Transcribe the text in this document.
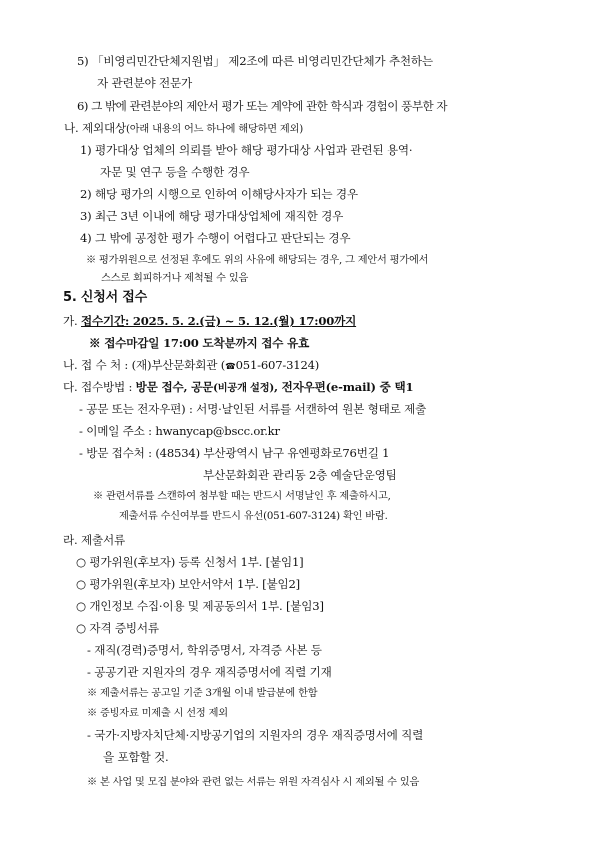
5) 「비영리민간단체지원법」 제2조에 따른 비영리민간단체가 추천하는
자 관련분야 전문가
6) 그 밖에 관련분야의 제안서 평가 또는 계약에 관한 학식과 경험이 풍부한 자
나. 제외대상(아래 내용의 어느 하나에 해당하면 제외)
1) 평가대상 업체의 의뢰를 받아 해당 평가대상 사업과 관련된 용역·
자문 및 연구 등을 수행한 경우
2) 해당 평가의 시행으로 인하여 이해당사자가 되는 경우
3) 최근 3년 이내에 해당 평가대상업체에 재직한 경우
4) 그 밖에 공정한 평가 수행이 어렵다고 판단되는 경우
※ 평가위원으로 선정된 후에도 위의 사유에 해당되는 경우, 그 제안서 평가에서
스스로 회피하거나 제척될 수 있음
5. 신청서 접수
가. 접수기간: 2025. 5. 2.(금) ~ 5. 12.(월) 17:00까지
※ 접수마감일 17:00 도착분까지 접수 유효
나. 접 수 처 : (재)부산문화회관 (☎051-607-3124)
다. 접수방법 : 방문 접수, 공문(비공개 설정), 전자우편(e-mail) 중 택1
- 공문 또는 전자우편) : 서명·날인된 서류를 서캔하여 원본 형태로 제출
- 이메일 주소 : hwanycap@bscc.or.kr
- 방문 접수처 : (48534) 부산광역시 남구 유엔평화로76번길 1
부산문화회관 관리동 2층 예술단운영팀
※ 관련서류를 스캔하여 첨부할 때는 반드시 서명날인 후 제출하시고,
제출서류 수신여부를 반드시 유선(051-607-3124) 확인 바람.
라. 제출서류
○ 평가위원(후보자) 등록 신청서 1부. [붙임1]
○ 평가위원(후보자) 보안서약서 1부. [붙임2]
○ 개인정보 수집·이용 및 제공동의서 1부. [붙임3]
○ 자격 증빙서류
- 재직(경력)증명서, 학위증명서, 자격증 사본 등
- 공공기관 지원자의 경우 재직증명서에 직렬 기재
※ 제출서류는 공고일 기준 3개월 이내 발급분에 한함
※ 증빙자료 미제출 시 선정 제외
- 국가·지방자치단체·지방공기업의 지원자의 경우 재직증명서에 직렬
을 포함할 것.
※ 본 사업 및 모집 분야와 관련 없는 서류는 위원 자격심사 시 제외될 수 있음
